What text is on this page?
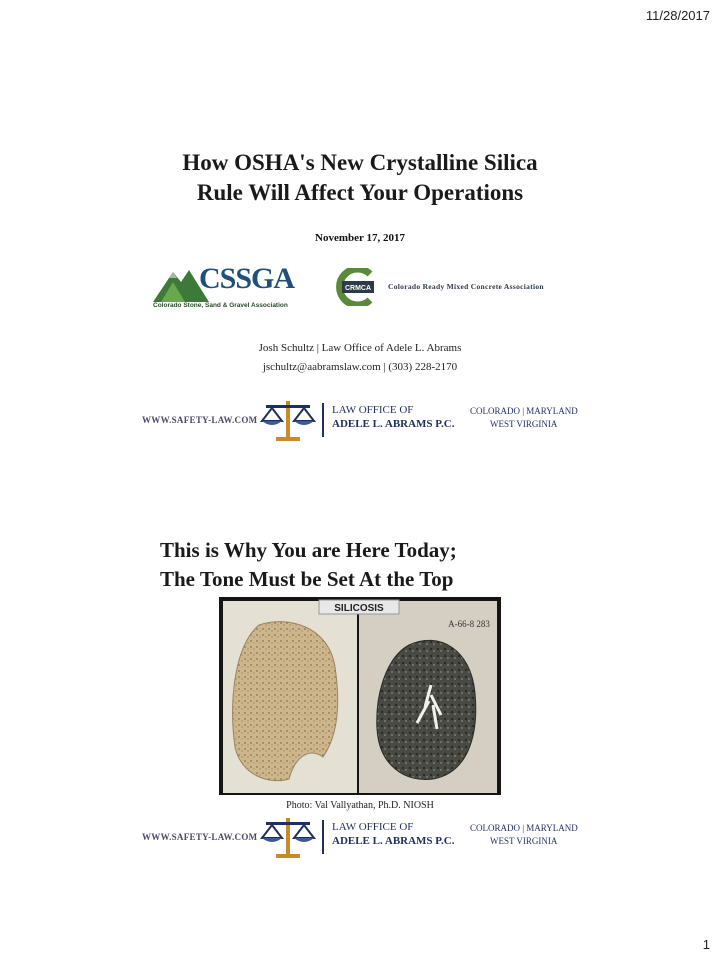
11/28/2017
How OSHA's New Crystalline Silica
Rule Will Affect Your Operations
November 17, 2017
CSSGA
Colorado Stone, Sand & Gravel Association
CRMCA Colorado Ready Mixed Concrete Association
Josh Schultz | Law Office of Adele L. Abrams
jschultz@aabramslaw.com | (303) 228-2170
WWW.SAFETY-LAW.COM
LAW OFFICE OF
ADELE L. ABRAMS P.C.
COLORADO | MARYLAND
WEST VIRGINIA
This is Why You are Here Today;
The Tone Must be Set At the Top
SILICOSIS
A-66-8 283
Photo: Val Vallyathan, Ph.D. NIOSH
WWW.SAFETY-LAW.COM
LAW OFFICE OF
ADELE L. ABRAMS P.C.
COLORADO | MARYLAND
WEST VIRGINIA
1
